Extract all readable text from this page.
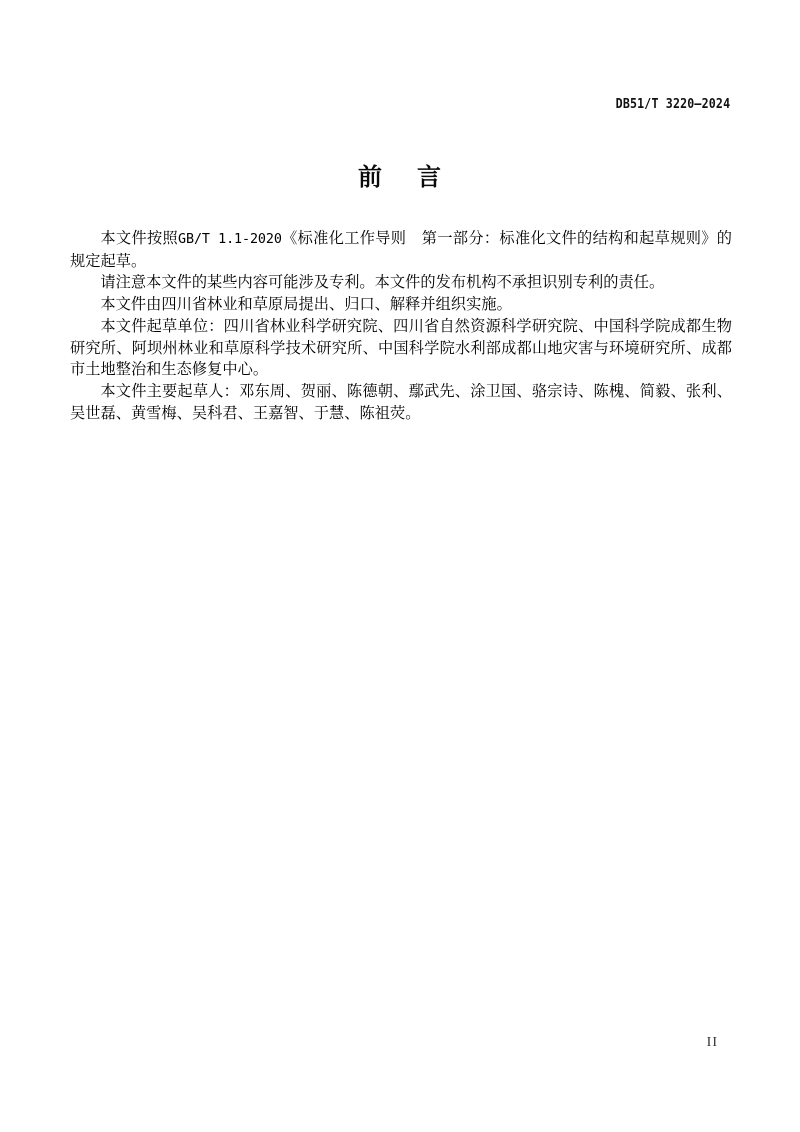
DB51/T 3220—2024
前 言

本文件按照GB/T 1.1-2020《标准化工作导则　第一部分：标准化文件的结构和起草规则》的规定起草。

请注意本文件的某些内容可能涉及专利。本文件的发布机构不承担识别专利的责任。

本文件由四川省林业和草原局提出、归口、解释并组织实施。

本文件起草单位：四川省林业科学研究院、四川省自然资源科学研究院、中国科学院成都生物研究所、阿坝州林业和草原科学技术研究所、中国科学院水利部成都山地灾害与环境研究所、成都市土地整治和生态修复中心。

本文件主要起草人：邓东周、贺丽、陈德朝、鄢武先、涂卫国、骆宗诗、陈槐、简毅、张利、吴世磊、黄雪梅、吴科君、王嘉智、于慧、陈祖荧。

II
